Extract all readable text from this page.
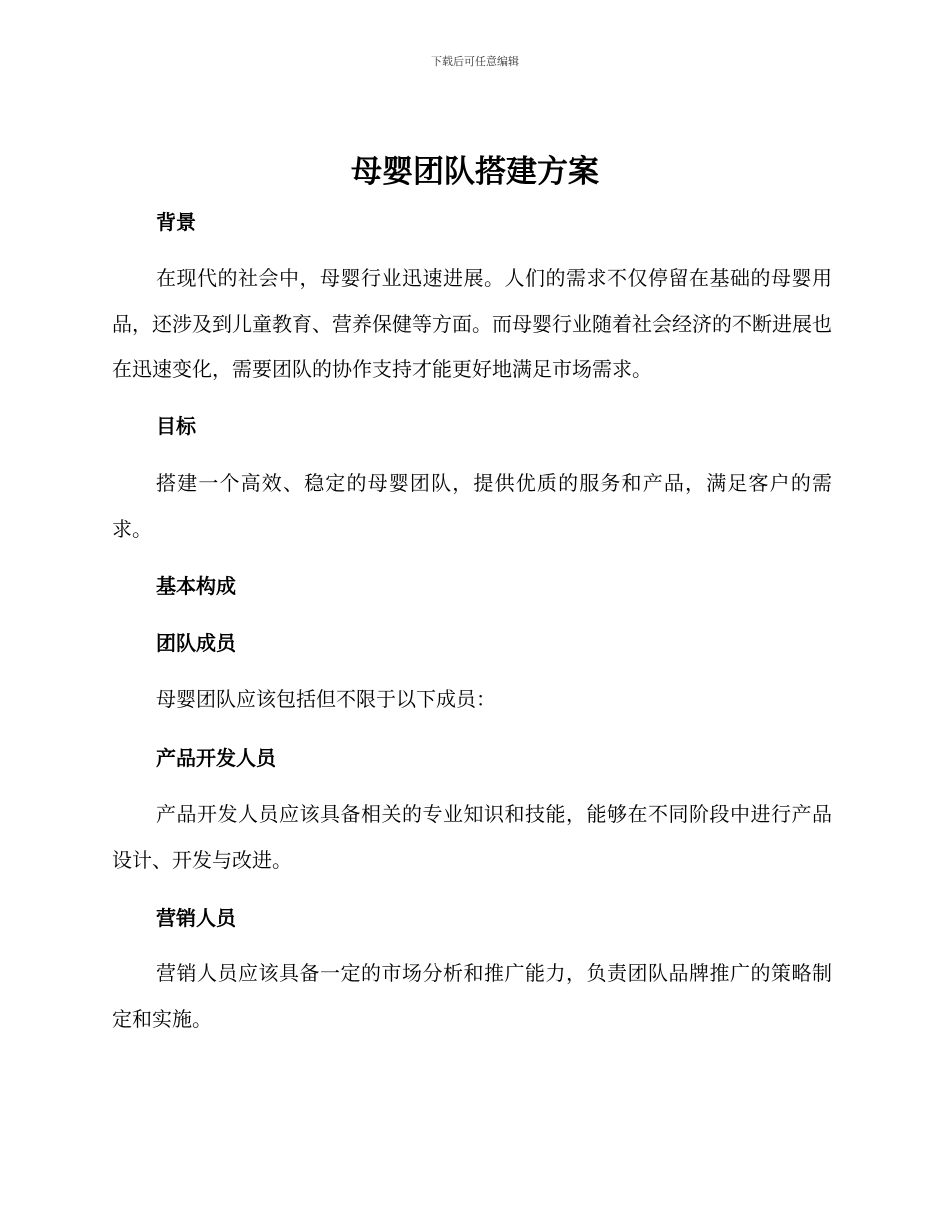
下载后可任意编辑
母婴团队搭建方案
背景

在现代的社会中，母婴行业迅速进展。人们的需求不仅停留在基础的母婴用品，还涉及到儿童教育、营养保健等方面。而母婴行业随着社会经济的不断进展也在迅速变化，需要团队的协作支持才能更好地满足市场需求。

目标

搭建一个高效、稳定的母婴团队，提供优质的服务和产品，满足客户的需求。

基本构成
团队成员

母婴团队应该包括但不限于以下成员：

产品开发人员

产品开发人员应该具备相关的专业知识和技能，能够在不同阶段中进行产品设计、开发与改进。

营销人员

营销人员应该具备一定的市场分析和推广能力，负责团队品牌推广的策略制定和实施。
